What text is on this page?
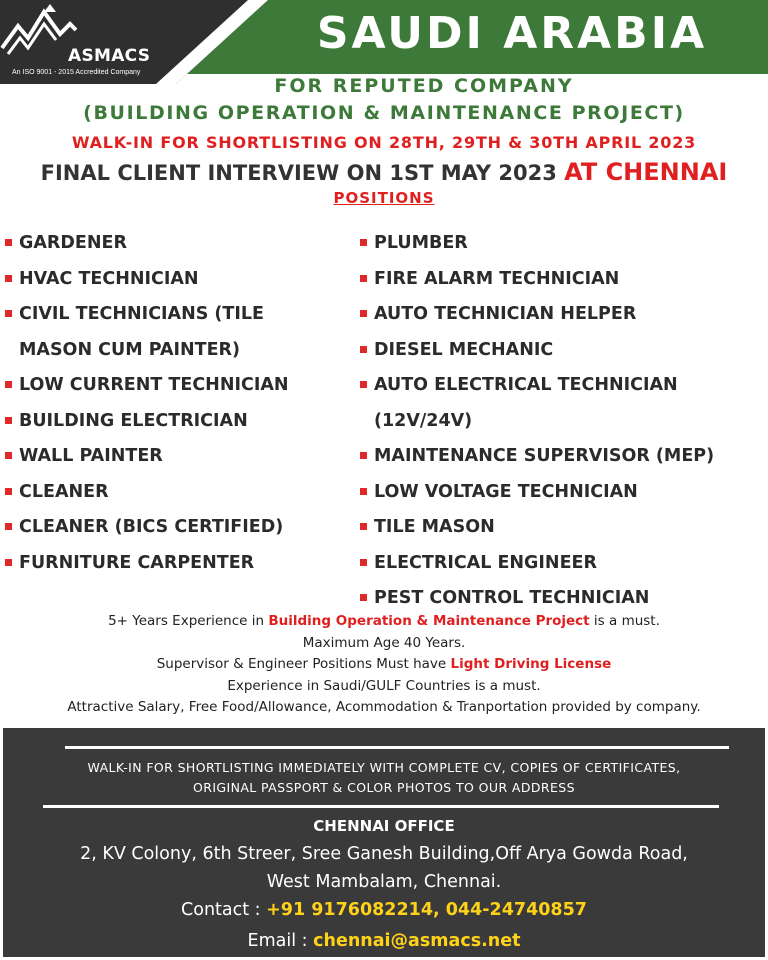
ASMACS
An ISO 9001 - 2015 Accredited Company
SAUDI ARABIA
FOR REPUTED COMPANY
(BUILDING OPERATION & MAINTENANCE PROJECT)
WALK-IN FOR SHORTLISTING ON 28TH, 29TH & 30TH APRIL 2023
FINAL CLIENT INTERVIEW ON 1ST MAY 2023 AT CHENNAI
POSITIONS
GARDENER
HVAC TECHNICIAN
CIVIL TECHNICIANS (TILE
MASON CUM PAINTER)
LOW CURRENT TECHNICIAN
BUILDING ELECTRICIAN
WALL PAINTER
CLEANER
CLEANER (BICS CERTIFIED)
FURNITURE CARPENTER
PLUMBER
FIRE ALARM TECHNICIAN
AUTO TECHNICIAN HELPER
DIESEL MECHANIC
AUTO ELECTRICAL TECHNICIAN
(12V/24V)
MAINTENANCE SUPERVISOR (MEP)
LOW VOLTAGE TECHNICIAN
TILE MASON
ELECTRICAL ENGINEER
PEST CONTROL TECHNICIAN
5+ Years Experience in Building Operation & Maintenance Project is a must.
Maximum Age 40 Years.
Supervisor & Engineer Positions Must have Light Driving License
Experience in Saudi/GULF Countries is a must.
Attractive Salary, Free Food/Allowance, Acommodation & Tranportation provided by company.
WALK-IN FOR SHORTLISTING IMMEDIATELY WITH COMPLETE CV, COPIES OF CERTIFICATES,
ORIGINAL PASSPORT & COLOR PHOTOS TO OUR ADDRESS
CHENNAI OFFICE
2, KV Colony, 6th Streer, Sree Ganesh Building,Off Arya Gowda Road,
West Mambalam, Chennai.
Contact : +91 9176082214, 044-24740857
Email : chennai@asmacs.net
